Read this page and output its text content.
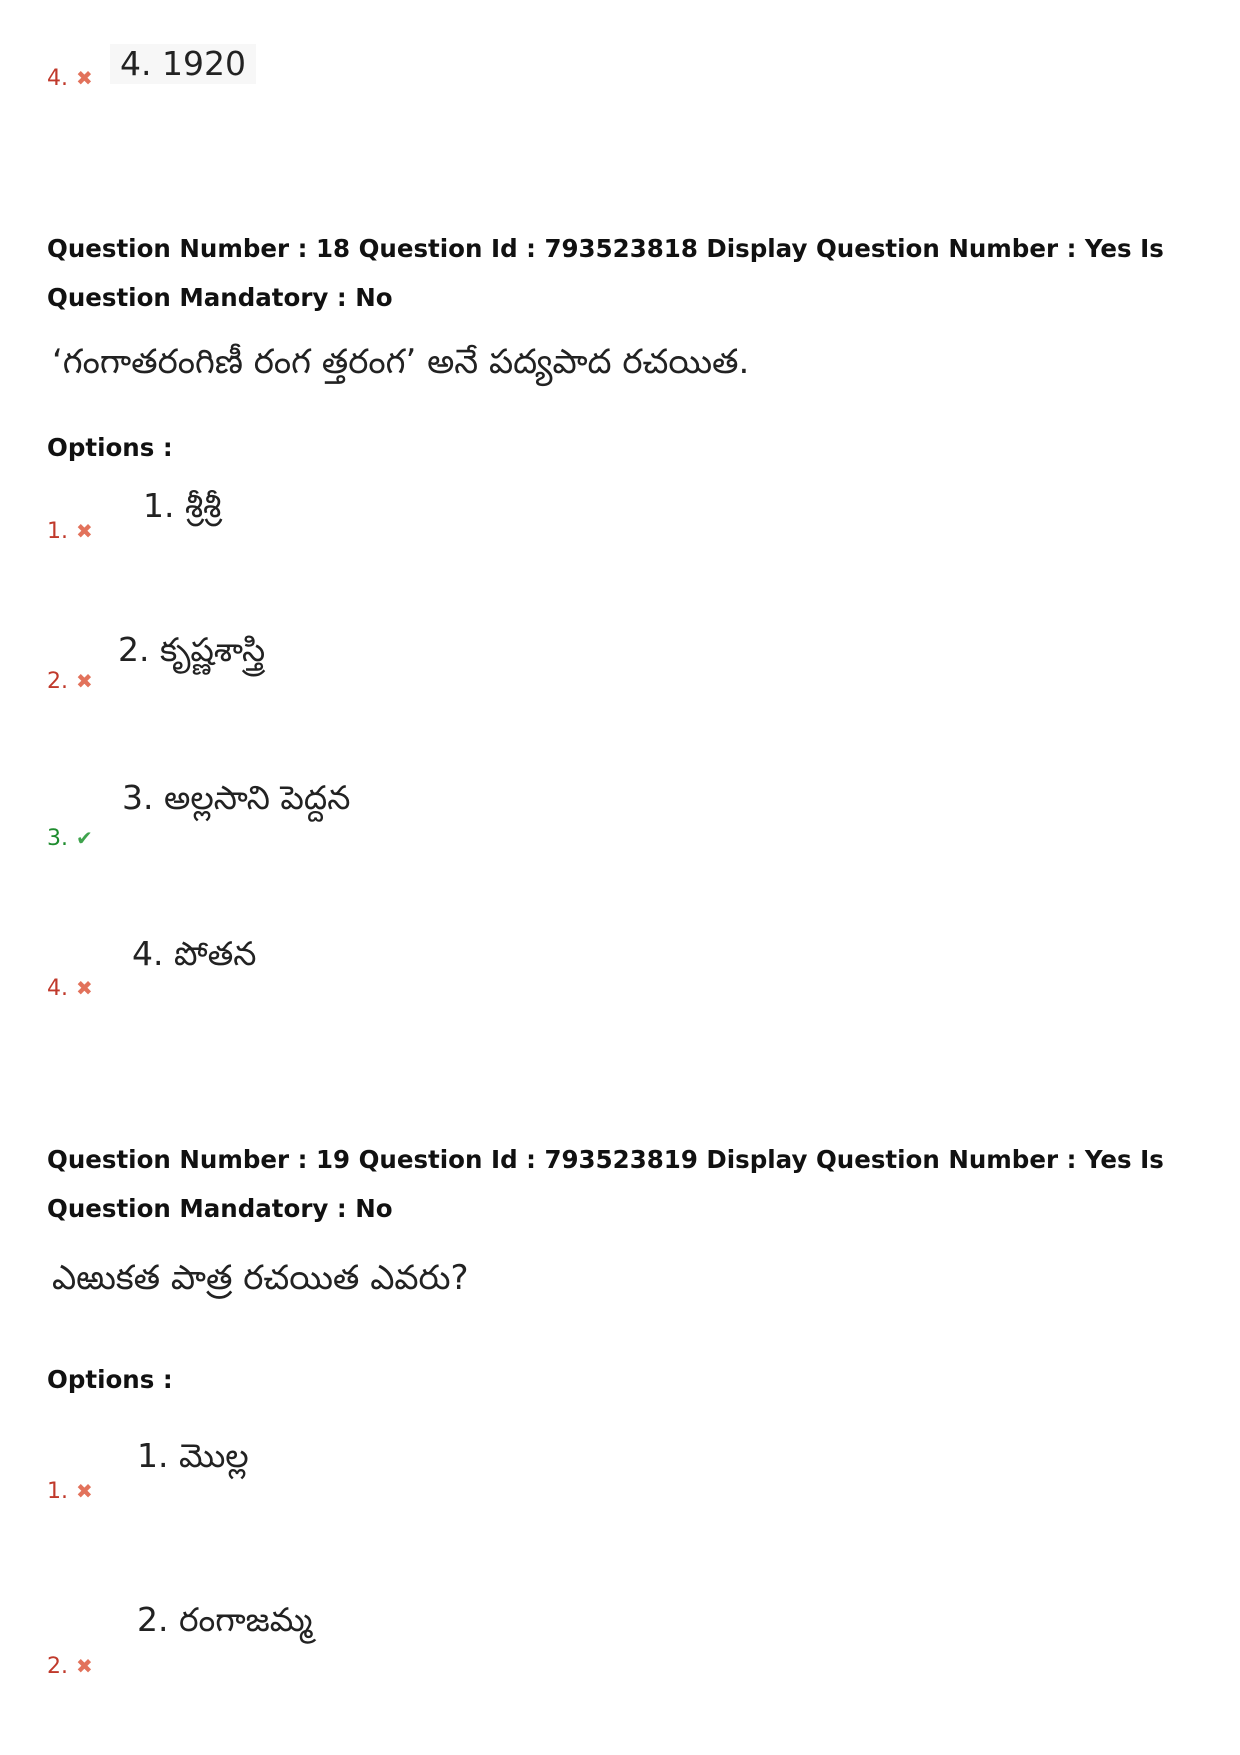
4. ✖ 4. 1920
Question Number : 18 Question Id : 793523818 Display Question Number : Yes Is Question Mandatory : No
‘గంగాతరంగిణీ రంగ త్తరంగ’ అనే పద్యపాద రచయిత.
Options :
1. ✖
1. శ్రీశ్రీ
2. ✖
2. కృష్ణశాస్త్రి
3. ✔
3. అల్లసాని పెద్దన
4. ✖
4. పోతన
Question Number : 19 Question Id : 793523819 Display Question Number : Yes Is Question Mandatory : No
ఎఱుకత పాత్ర రచయిత ఎవరు?
Options :
1. ✖
1. మొల్ల
2. ✖
2. రంగాజమ్మ
